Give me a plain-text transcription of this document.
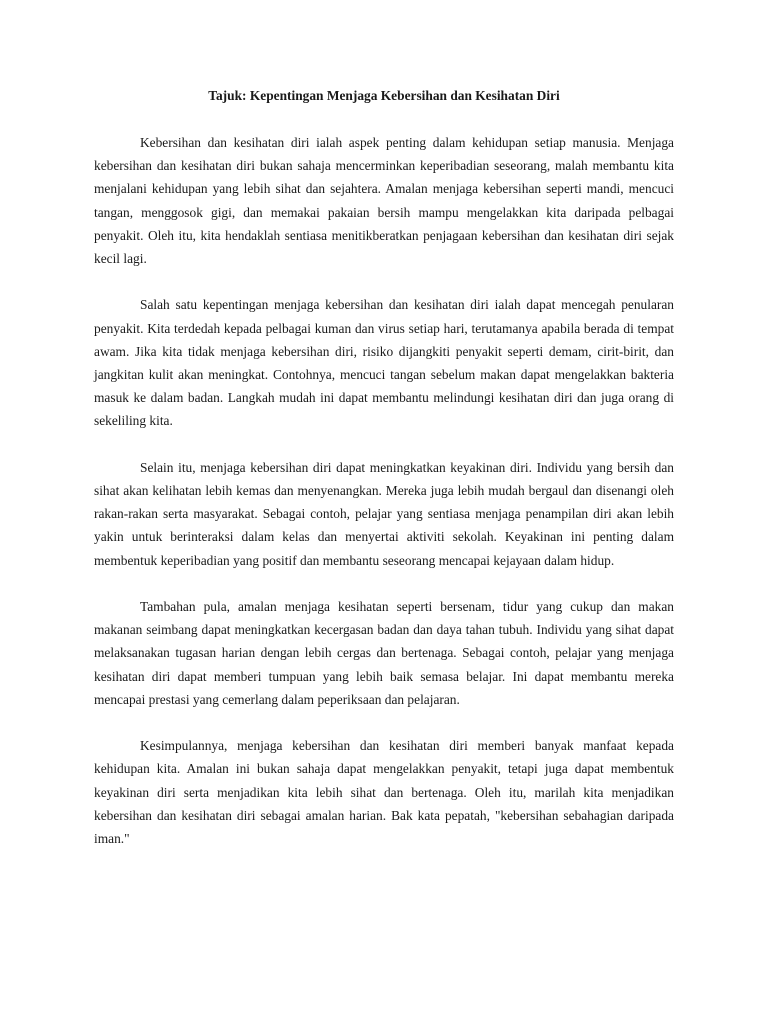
Tajuk: Kepentingan Menjaga Kebersihan dan Kesihatan Diri

Kebersihan dan kesihatan diri ialah aspek penting dalam kehidupan setiap manusia. Menjaga kebersihan dan kesihatan diri bukan sahaja mencerminkan keperibadian seseorang, malah membantu kita menjalani kehidupan yang lebih sihat dan sejahtera. Amalan menjaga kebersihan seperti mandi, mencuci tangan, menggosok gigi, dan memakai pakaian bersih mampu mengelakkan kita daripada pelbagai penyakit. Oleh itu, kita hendaklah sentiasa menitikberatkan penjagaan kebersihan dan kesihatan diri sejak kecil lagi.

Salah satu kepentingan menjaga kebersihan dan kesihatan diri ialah dapat mencegah penularan penyakit. Kita terdedah kepada pelbagai kuman dan virus setiap hari, terutamanya apabila berada di tempat awam. Jika kita tidak menjaga kebersihan diri, risiko dijangkiti penyakit seperti demam, cirit-birit, dan jangkitan kulit akan meningkat. Contohnya, mencuci tangan sebelum makan dapat mengelakkan bakteria masuk ke dalam badan. Langkah mudah ini dapat membantu melindungi kesihatan diri dan juga orang di sekeliling kita.

Selain itu, menjaga kebersihan diri dapat meningkatkan keyakinan diri. Individu yang bersih dan sihat akan kelihatan lebih kemas dan menyenangkan. Mereka juga lebih mudah bergaul dan disenangi oleh rakan-rakan serta masyarakat. Sebagai contoh, pelajar yang sentiasa menjaga penampilan diri akan lebih yakin untuk berinteraksi dalam kelas dan menyertai aktiviti sekolah. Keyakinan ini penting dalam membentuk keperibadian yang positif dan membantu seseorang mencapai kejayaan dalam hidup.

Tambahan pula, amalan menjaga kesihatan seperti bersenam, tidur yang cukup dan makan makanan seimbang dapat meningkatkan kecergasan badan dan daya tahan tubuh. Individu yang sihat dapat melaksanakan tugasan harian dengan lebih cergas dan bertenaga. Sebagai contoh, pelajar yang menjaga kesihatan diri dapat memberi tumpuan yang lebih baik semasa belajar. Ini dapat membantu mereka mencapai prestasi yang cemerlang dalam peperiksaan dan pelajaran.

Kesimpulannya, menjaga kebersihan dan kesihatan diri memberi banyak manfaat kepada kehidupan kita. Amalan ini bukan sahaja dapat mengelakkan penyakit, tetapi juga dapat membentuk keyakinan diri serta menjadikan kita lebih sihat dan bertenaga. Oleh itu, marilah kita menjadikan kebersihan dan kesihatan diri sebagai amalan harian. Bak kata pepatah, "kebersihan sebahagian daripada iman."
